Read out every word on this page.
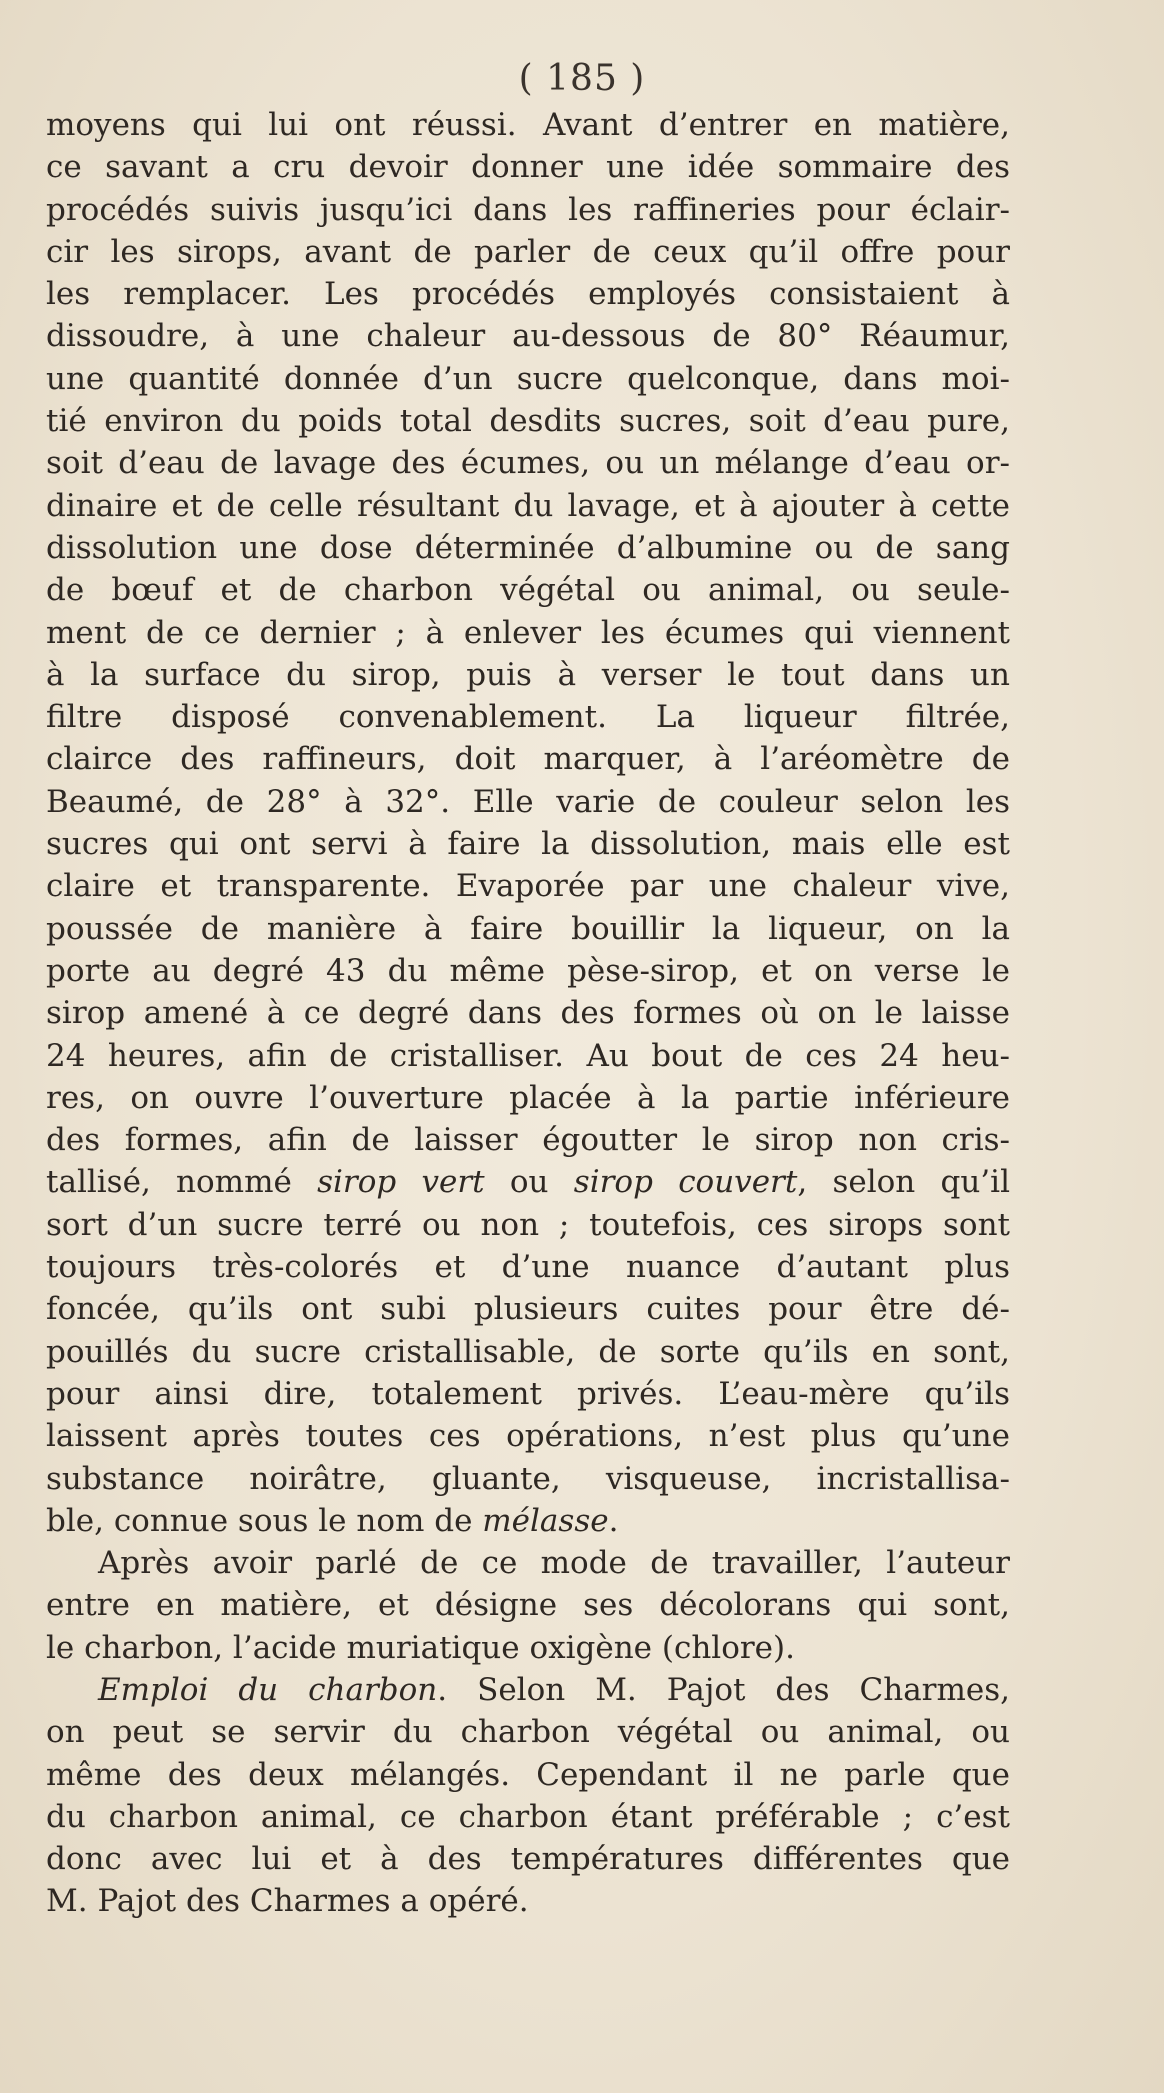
( 185 )
moyens qui lui ont réussi. Avant d’entrer en matière,
ce savant a cru devoir donner une idée sommaire des
procédés suivis jusqu’ici dans les raffineries pour éclair-
cir les sirops, avant de parler de ceux qu’il offre pour
les remplacer. Les procédés employés consistaient à
dissoudre, à une chaleur au-dessous de 80° Réaumur,
une quantité donnée d’un sucre quelconque, dans moi-
tié environ du poids total desdits sucres, soit d’eau pure,
soit d’eau de lavage des écumes, ou un mélange d’eau or-
dinaire et de celle résultant du lavage, et à ajouter à cette
dissolution une dose déterminée d’albumine ou de sang
de bœuf et de charbon végétal ou animal, ou seule-
ment de ce dernier ; à enlever les écumes qui viennent
à la surface du sirop, puis à verser le tout dans un
filtre disposé convenablement. La liqueur filtrée,
clairce des raffineurs, doit marquer, à l’aréomètre de
Beaumé, de 28° à 32°. Elle varie de couleur selon les
sucres qui ont servi à faire la dissolution, mais elle est
claire et transparente. Evaporée par une chaleur vive,
poussée de manière à faire bouillir la liqueur, on la
porte au degré 43 du même pèse-sirop, et on verse le
sirop amené à ce degré dans des formes où on le laisse
24 heures, afin de cristalliser. Au bout de ces 24 heu-
res, on ouvre l’ouverture placée à la partie inférieure
des formes, afin de laisser égoutter le sirop non cris-
tallisé, nommé sirop vert ou sirop couvert, selon qu’il
sort d’un sucre terré ou non ; toutefois, ces sirops sont
toujours très-colorés et d’une nuance d’autant plus
foncée, qu’ils ont subi plusieurs cuites pour être dé-
pouillés du sucre cristallisable, de sorte qu’ils en sont,
pour ainsi dire, totalement privés. L’eau-mère qu’ils
laissent après toutes ces opérations, n’est plus qu’une
substance noirâtre, gluante, visqueuse, incristallisa-
ble, connue sous le nom de mélasse.
Après avoir parlé de ce mode de travailler, l’auteur
entre en matière, et désigne ses décolorans qui sont,
le charbon, l’acide muriatique oxigène (chlore).
Emploi du charbon. Selon M. Pajot des Charmes,
on peut se servir du charbon végétal ou animal, ou
même des deux mélangés. Cependant il ne parle que
du charbon animal, ce charbon étant préférable ; c’est
donc avec lui et à des températures différentes que
M. Pajot des Charmes a opéré.
